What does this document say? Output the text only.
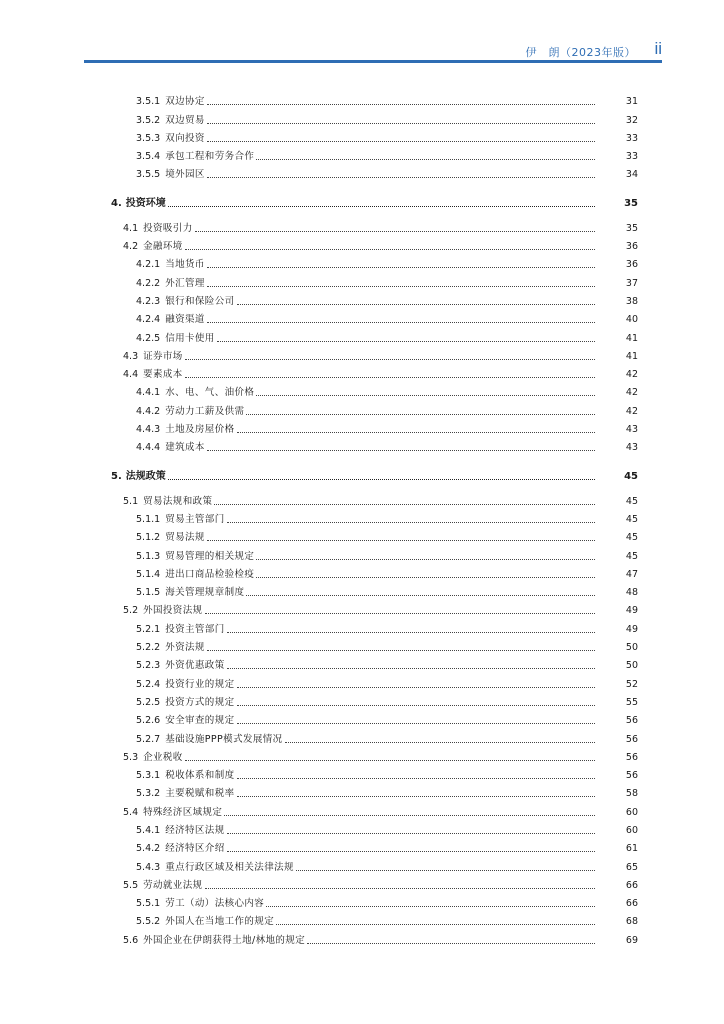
伊　朗（2023年版） ii
3.5.1 双边协定	31
3.5.2 双边贸易	32
3.5.3 双向投资	33
3.5.4 承包工程和劳务合作	33
3.5.5 境外园区	34
4. 投资环境	35
4.1 投资吸引力	35
4.2 金融环境	36
4.2.1 当地货币	36
4.2.2 外汇管理	37
4.2.3 银行和保险公司	38
4.2.4 融资渠道	40
4.2.5 信用卡使用	41
4.3 证券市场	41
4.4 要素成本	42
4.4.1 水、电、气、油价格	42
4.4.2 劳动力工薪及供需	42
4.4.3 土地及房屋价格	43
4.4.4 建筑成本	43
5. 法规政策	45
5.1 贸易法规和政策	45
5.1.1 贸易主管部门	45
5.1.2 贸易法规	45
5.1.3 贸易管理的相关规定	45
5.1.4 进出口商品检验检疫	47
5.1.5 海关管理规章制度	48
5.2 外国投资法规	49
5.2.1 投资主管部门	49
5.2.2 外资法规	50
5.2.3 外资优惠政策	50
5.2.4 投资行业的规定	52
5.2.5 投资方式的规定	55
5.2.6 安全审查的规定	56
5.2.7 基础设施PPP模式发展情况	56
5.3 企业税收	56
5.3.1 税收体系和制度	56
5.3.2 主要税赋和税率	58
5.4 特殊经济区域规定	60
5.4.1 经济特区法规	60
5.4.2 经济特区介绍	61
5.4.3 重点行政区域及相关法律法规	65
5.5 劳动就业法规	66
5.5.1 劳工（动）法核心内容	66
5.5.2 外国人在当地工作的规定	68
5.6 外国企业在伊朗获得土地/林地的规定	69
